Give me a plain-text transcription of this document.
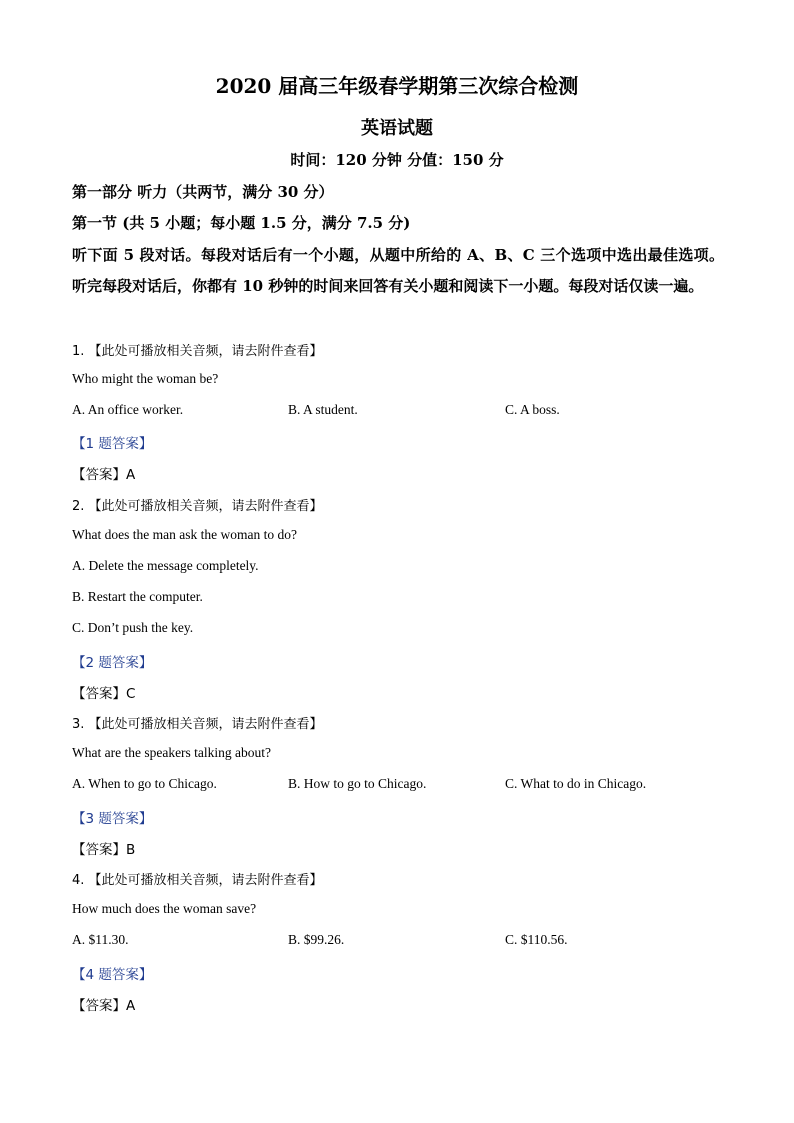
2020 届高三年级春学期第三次综合检测
英语试题
时间：120 分钟 分值：150 分
第一部分 听力（共两节，满分 30 分）
第一节 (共 5 小题；每小题 1.5 分，满分 7.5 分)
听下面 5 段对话。每段对话后有一个小题，从题中所给的 A、B、C 三个选项中选出最佳选项。听完每段对话后，你都有 10 秒钟的时间来回答有关小题和阅读下一小题。每段对话仅读一遍。
1. 【此处可播放相关音频，请去附件查看】
Who might the woman be?
A. An office worker.	B. A student.	C. A boss.
【1 题答案】
【答案】A
2. 【此处可播放相关音频，请去附件查看】
What does the man ask the woman to do?
A. Delete the message completely.
B. Restart the computer.
C. Don’t push the key.
【2 题答案】
【答案】C
3. 【此处可播放相关音频，请去附件查看】
What are the speakers talking about?
A. When to go to Chicago.	B. How to go to Chicago.	C. What to do in Chicago.
【3 题答案】
【答案】B
4. 【此处可播放相关音频，请去附件查看】
How much does the woman save?
A. $11.30.	B. $99.26.	C. $110.56.
【4 题答案】
【答案】A
